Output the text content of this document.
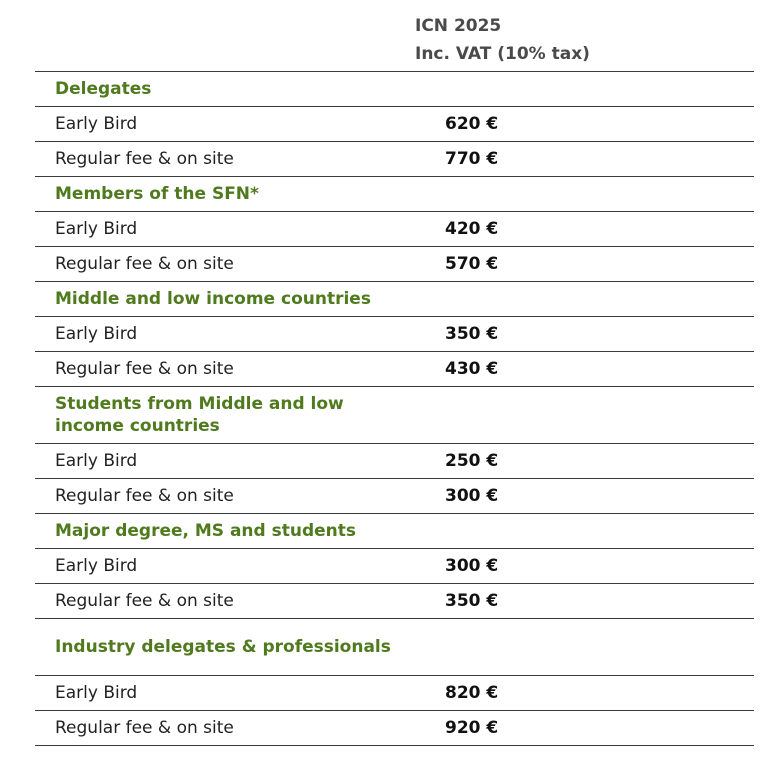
ICN 2025
Inc. VAT (10% tax)
Delegates	
Early Bird	620 €
Regular fee & on site	770 €
Members of the SFN*	
Early Bird	420 €
Regular fee & on site	570 €
Middle and low income countries	
Early Bird	350 €
Regular fee & on site	430 €
Students from Middle and low income countries	
Early Bird	250 €
Regular fee & on site	300 €
Major degree, MS and students	
Early Bird	300 €
Regular fee & on site	350 €
Industry delegates & professionals	
Early Bird	820 €
Regular fee & on site	920 €
